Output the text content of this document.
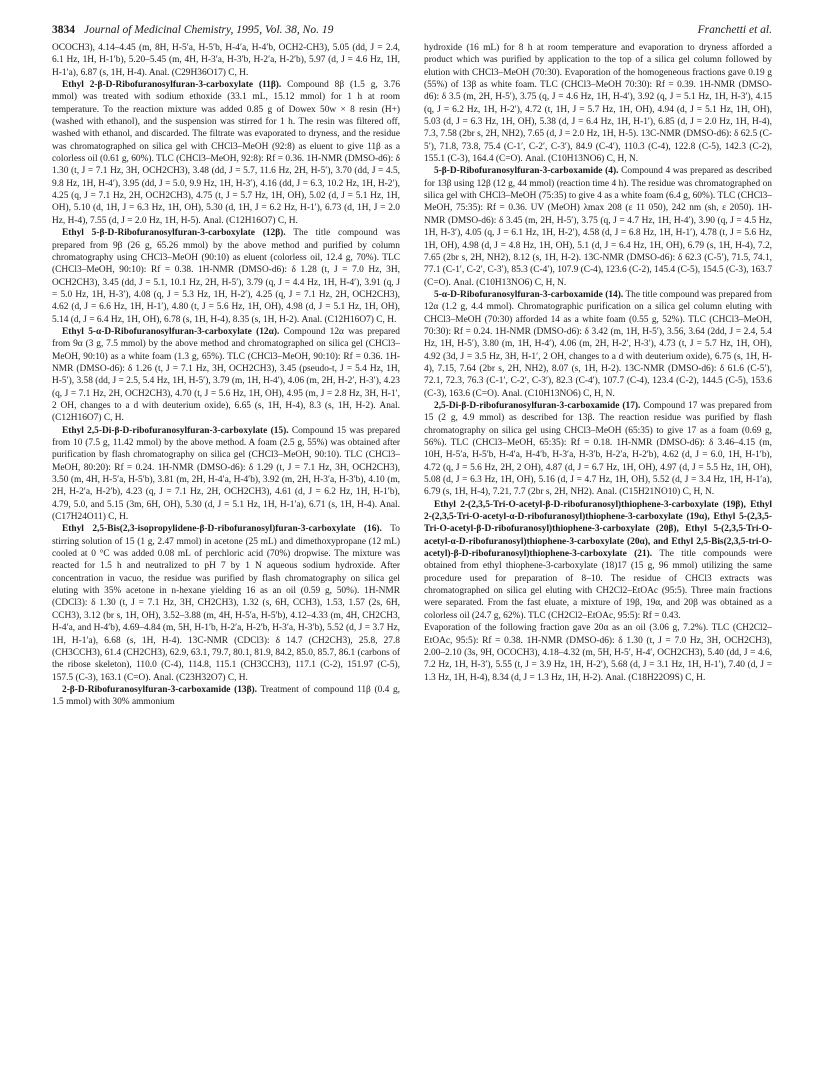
3834 Journal of Medicinal Chemistry, 1995, Vol. 38, No. 19	Franchetti et al.

OCOCH3), 4.14–4.45 (m, 8H, H-5′a, H-5′b, H-4′a, H-4′b, OCH2-CH3), 5.05 (dd, J = 2.4, 6.1 Hz, 1H, H-1′b), 5.20–5.45 (m, 4H, H-3′a, H-3′b, H-2′a, H-2′b), 5.97 (d, J = 4.6 Hz, 1H, H-1′a), 6.87 (s, 1H, H-4). Anal. (C29H36O17) C, H.

Ethyl 2-β-D-Ribofuranosylfuran-3-carboxylate (11β). Compound 8β (1.5 g, 3.76 mmol) was treated with sodium ethoxide (33.1 mL, 15.12 mmol) for 1 h at room temperature. To the reaction mixture was added 0.85 g of Dowex 50w × 8 resin (H+) (washed with ethanol), and the suspension was stirred for 1 h. The resin was filtered off, washed with ethanol, and discarded. The filtrate was evaporated to dryness, and the residue was chromatographed on silica gel with CHCl3–MeOH (92:8) as eluent to give 11β as a colorless oil (0.61 g, 60%). TLC (CHCl3–MeOH, 92:8): Rf = 0.36. 1H-NMR (DMSO-d6): δ 1.30 (t, J = 7.1 Hz, 3H, OCH2CH3), 3.48 (dd, J = 5.7, 11.6 Hz, 2H, H-5′), 3.70 (dd, J = 4.5, 9.8 Hz, 1H, H-4′), 3.95 (dd, J = 5.0, 9.9 Hz, 1H, H-3′), 4.16 (dd, J = 6.3, 10.2 Hz, 1H, H-2′), 4.25 (q, J = 7.1 Hz, 2H, OCH2CH3), 4.75 (t, J = 5.7 Hz, 1H, OH), 5.02 (d, J = 5.1 Hz, 1H, OH), 5.10 (d, 1H, J = 6.3 Hz, 1H, OH), 5.30 (d, 1H, J = 6.2 Hz, H-1′), 6.73 (d, 1H, J = 2.0 Hz, H-4), 7.55 (d, J = 2.0 Hz, 1H, H-5). Anal. (C12H16O7) C, H.

Ethyl 5-β-D-Ribofuranosylfuran-3-carboxylate (12β). The title compound was prepared from 9β (26 g, 65.26 mmol) by the above method and purified by column chromatography using CHCl3–MeOH (90:10) as eluent (colorless oil, 12.4 g, 70%). TLC (CHCl3–MeOH, 90:10): Rf = 0.38. 1H-NMR (DMSO-d6): δ 1.28 (t, J = 7.0 Hz, 3H, OCH2CH3), 3.45 (dd, J = 5.1, 10.1 Hz, 2H, H-5′), 3.79 (q, J = 4.4 Hz, 1H, H-4′), 3.91 (q, J = 5.0 Hz, 1H, H-3′), 4.08 (q, J = 5.3 Hz, 1H, H-2′), 4.25 (q, J = 7.1 Hz, 2H, OCH2CH3), 4.62 (d, J = 6.6 Hz, 1H, H-1′), 4.80 (t, J = 5.6 Hz, 1H, OH), 4.98 (d, J = 5.1 Hz, 1H, OH), 5.14 (d, J = 6.4 Hz, 1H, OH), 6.78 (s, 1H, H-4), 8.35 (s, 1H, H-2). Anal. (C12H16O7) C, H.

Ethyl 5-α-D-Ribofuranosylfuran-3-carboxylate (12α). Compound 12α was prepared from 9α (3 g, 7.5 mmol) by the above method and chromatographed on silica gel (CHCl3–MeOH, 90:10) as a white foam (1.3 g, 65%). TLC (CHCl3–MeOH, 90:10): Rf = 0.36. 1H-NMR (DMSO-d6): δ 1.26 (t, J = 7.1 Hz, 3H, OCH2CH3), 3.45 (pseudo-t, J = 5.4 Hz, 1H, H-5′), 3.58 (dd, J = 2.5, 5.4 Hz, 1H, H-5′), 3.79 (m, 1H, H-4′), 4.06 (m, 2H, H-2′, H-3′), 4.23 (q, J = 7.1 Hz, 2H, OCH2CH3), 4.70 (t, J = 5.6 Hz, 1H, OH), 4.95 (m, J = 2.8 Hz, 3H, H-1′, 2 OH, changes to a d with deuterium oxide), 6.65 (s, 1H, H-4), 8.3 (s, 1H, H-2). Anal. (C12H16O7) C, H.

Ethyl 2,5-Di-β-D-ribofuranosylfuran-3-carboxylate (15). Compound 15 was prepared from 10 (7.5 g, 11.42 mmol) by the above method. A foam (2.5 g, 55%) was obtained after purification by flash chromatography on silica gel (CHCl3–MeOH, 90:10). TLC (CHCl3–MeOH, 80:20): Rf = 0.24. 1H-NMR (DMSO-d6): δ 1.29 (t, J = 7.1 Hz, 3H, OCH2CH3), 3.50 (m, 4H, H-5′a, H-5′b), 3.81 (m, 2H, H-4′a, H-4′b), 3.92 (m, 2H, H-3′a, H-3′b), 4.10 (m, 2H, H-2′a, H-2′b), 4.23 (q, J = 7.1 Hz, 2H, OCH2CH3), 4.61 (d, J = 6.2 Hz, 1H, H-1′b), 4.79, 5.0, and 5.15 (3m, 6H, OH), 5.30 (d, J = 5.1 Hz, 1H, H-1′a), 6.71 (s, 1H, H-4). Anal. (C17H24O11) C, H.

Ethyl 2,5-Bis(2,3-isopropylidene-β-D-ribofuranosyl)furan-3-carboxylate (16). To stirring solution of 15 (1 g, 2.47 mmol) in acetone (25 mL) and dimethoxypropane (12 mL) cooled at 0 °C was added 0.08 mL of perchloric acid (70%) dropwise. The mixture was reacted for 1.5 h and neutralized to pH 7 by 1 N aqueous sodium hydroxide. After concentration in vacuo, the residue was purified by flash chromatography on silica gel eluting with 35% acetone in n-hexane yielding 16 as an oil (0.59 g, 50%). 1H-NMR (CDCl3): δ 1.30 (t, J = 7.1 Hz, 3H, CH2CH3), 1.32 (s, 6H, CCH3), 1.53, 1.57 (2s, 6H, CCH3), 3.12 (br s, 1H, OH), 3.52–3.88 (m, 4H, H-5′a, H-5′b), 4.12–4.33 (m, 4H, CH2CH3, H-4′a, and H-4′b), 4.69–4.84 (m, 5H, H-1′b, H-2′a, H-2′b, H-3′a, H-3′b), 5.52 (d, J = 3.7 Hz, 1H, H-1′a), 6.68 (s, 1H, H-4). 13C-NMR (CDCl3): δ 14.7 (CH2CH3), 25.8, 27.8 (CH3CCH3), 61.4 (CH2CH3), 62.9, 63.1, 79.7, 80.1, 81.9, 84.2, 85.0, 85.7, 86.1 (carbons of the ribose skeleton), 110.0 (C-4), 114.8, 115.1 (CH3CCH3), 117.1 (C-2), 151.97 (C-5), 157.5 (C-3), 163.1 (C=O). Anal. (C23H32O7) C, H.

2-β-D-Ribofuranosylfuran-3-carboxamide (13β). Treatment of compound 11β (0.4 g, 1.5 mmol) with 30% ammonium

hydroxide (16 mL) for 8 h at room temperature and evaporation to dryness afforded a product which was purified by application to the top of a silica gel column followed by elution with CHCl3–MeOH (70:30). Evaporation of the homogeneous fractions gave 0.19 g (55%) of 13β as white foam. TLC (CHCl3–MeOH 70:30): Rf = 0.39. 1H-NMR (DMSO-d6): δ 3.5 (m, 2H, H-5′), 3.75 (q, J = 4.6 Hz, 1H, H-4′), 3.92 (q, J = 5.1 Hz, 1H, H-3′), 4.15 (q, J = 6.2 Hz, 1H, H-2′), 4.72 (t, 1H, J = 5.7 Hz, 1H, OH), 4.94 (d, J = 5.1 Hz, 1H, OH), 5.03 (d, J = 6.3 Hz, 1H, OH), 5.38 (d, J = 6.4 Hz, 1H, H-1′), 6.85 (d, J = 2.0 Hz, 1H, H-4), 7.3, 7.58 (2br s, 2H, NH2), 7.65 (d, J = 2.0 Hz, 1H, H-5). 13C-NMR (DMSO-d6): δ 62.5 (C-5′), 71.8, 73.8, 75.4 (C-1′, C-2′, C-3′), 84.9 (C-4′), 110.3 (C-4), 122.8 (C-5), 142.3 (C-2), 155.1 (C-3), 164.4 (C=O). Anal. (C10H13NO6) C, H, N.

5-β-D-Ribofuranosylfuran-3-carboxamide (4). Compound 4 was prepared as described for 13β using 12β (12 g, 44 mmol) (reaction time 4 h). The residue was chromatographed on silica gel with CHCl3–MeOH (75:35) to give 4 as a white foam (6.4 g, 60%). TLC (CHCl3–MeOH, 75:35): Rf = 0.36. UV (MeOH) λmax 208 (ε 11 050), 242 nm (sh, ε 2050). 1H-NMR (DMSO-d6): δ 3.45 (m, 2H, H-5′), 3.75 (q, J = 4.7 Hz, 1H, H-4′), 3.90 (q, J = 4.5 Hz, 1H, H-3′), 4.05 (q, J = 6.1 Hz, 1H, H-2′), 4.58 (d, J = 6.8 Hz, 1H, H-1′), 4.78 (t, J = 5.6 Hz, 1H, OH), 4.98 (d, J = 4.8 Hz, 1H, OH), 5.1 (d, J = 6.4 Hz, 1H, OH), 6.79 (s, 1H, H-4), 7.2, 7.65 (2br s, 2H, NH2), 8.12 (s, 1H, H-2). 13C-NMR (DMSO-d6): δ 62.3 (C-5′), 71.5, 74.1, 77.1 (C-1′, C-2′, C-3′), 85.3 (C-4′), 107.9 (C-4), 123.6 (C-2), 145.4 (C-5), 154.5 (C-3), 163.7 (C=O). Anal. (C10H13NO6) C, H, N.

5-α-D-Ribofuranosylfuran-3-carboxamide (14). The title compound was prepared from 12α (1.2 g, 4.4 mmol). Chromatographic purification on a silica gel column eluting with CHCl3–MeOH (70:30) afforded 14 as a white foam (0.55 g, 52%). TLC (CHCl3–MeOH, 70:30): Rf = 0.24. 1H-NMR (DMSO-d6): δ 3.42 (m, 1H, H-5′), 3.56, 3.64 (2dd, J = 2.4, 5.4 Hz, 1H, H-5′), 3.80 (m, 1H, H-4′), 4.06 (m, 2H, H-2′, H-3′), 4.73 (t, J = 5.7 Hz, 1H, OH), 4.92 (3d, J = 3.5 Hz, 3H, H-1′, 2 OH, changes to a d with deuterium oxide), 6.75 (s, 1H, H-4), 7.15, 7.64 (2br s, 2H, NH2), 8.07 (s, 1H, H-2). 13C-NMR (DMSO-d6): δ 61.6 (C-5′), 72.1, 72.3, 76.3 (C-1′, C-2′, C-3′), 82.3 (C-4′), 107.7 (C-4), 123.4 (C-2), 144.5 (C-5), 153.6 (C-3), 163.6 (C=O). Anal. (C10H13NO6) C, H, N.

2,5-Di-β-D-ribofuranosylfuran-3-carboxamide (17). Compound 17 was prepared from 15 (2 g, 4.9 mmol) as described for 13β. The reaction residue was purified by flash chromatography on silica gel using CHCl3–MeOH (65:35) to give 17 as a foam (0.69 g, 56%). TLC (CHCl3–MeOH, 65:35): Rf = 0.18. 1H-NMR (DMSO-d6): δ 3.46–4.15 (m, 10H, H-5′a, H-5′b, H-4′a, H-4′b, H-3′a, H-3′b, H-2′a, H-2′b), 4.62 (d, J = 6.0, 1H, H-1′b), 4.72 (q, J = 5.6 Hz, 2H, 2 OH), 4.87 (d, J = 6.7 Hz, 1H, OH), 4.97 (d, J = 5.5 Hz, 1H, OH), 5.08 (d, J = 6.3 Hz, 1H, OH), 5.16 (d, J = 4.7 Hz, 1H, OH), 5.52 (d, J = 3.4 Hz, 1H, H-1′a), 6.79 (s, 1H, H-4), 7.21, 7.7 (2br s, 2H, NH2). Anal. (C15H21NO10) C, H, N.

Ethyl 2-(2,3,5-Tri-O-acetyl-β-D-ribofuranosyl)thiophene-3-carboxylate (19β), Ethyl 2-(2,3,5-Tri-O-acetyl-α-D-ribofuranosyl)thiophene-3-carboxylate (19α), Ethyl 5-(2,3,5-Tri-O-acetyl-β-D-ribofuranosyl)thiophene-3-carboxylate (20β), Ethyl 5-(2,3,5-Tri-O-acetyl-α-D-ribofuranosyl)thiophene-3-carboxylate (20α), and Ethyl 2,5-Bis(2,3,5-tri-O-acetyl)-β-D-ribofuranosyl)thiophene-3-carboxylate (21). The title compounds were obtained from ethyl thiophene-3-carboxylate (18)17 (15 g, 96 mmol) utilizing the same procedure used for preparation of 8–10. The residue of CHCl3 extracts was chromatographed on silica gel eluting with CH2Cl2–EtOAc (95:5). Three main fractions were separated. From the fast eluate, a mixture of 19β, 19α, and 20β was obtained as a colorless oil (24.7 g, 62%). TLC (CH2Cl2–EtOAc, 95:5): Rf = 0.43.

Evaporation of the following fraction gave 20α as an oil (3.06 g, 7.2%). TLC (CH2Cl2–EtOAc, 95:5): Rf = 0.38. 1H-NMR (DMSO-d6): δ 1.30 (t, J = 7.0 Hz, 3H, OCH2CH3), 2.00–2.10 (3s, 9H, OCOCH3), 4.18–4.32 (m, 5H, H-5′, H-4′, OCH2CH3), 5.40 (dd, J = 4.6, 7.2 Hz, 1H, H-3′), 5.55 (t, J = 3.9 Hz, 1H, H-2′), 5.68 (d, J = 3.1 Hz, 1H, H-1′), 7.40 (d, J = 1.3 Hz, 1H, H-4), 8.34 (d, J = 1.3 Hz, 1H, H-2). Anal. (C18H22O9S) C, H.
